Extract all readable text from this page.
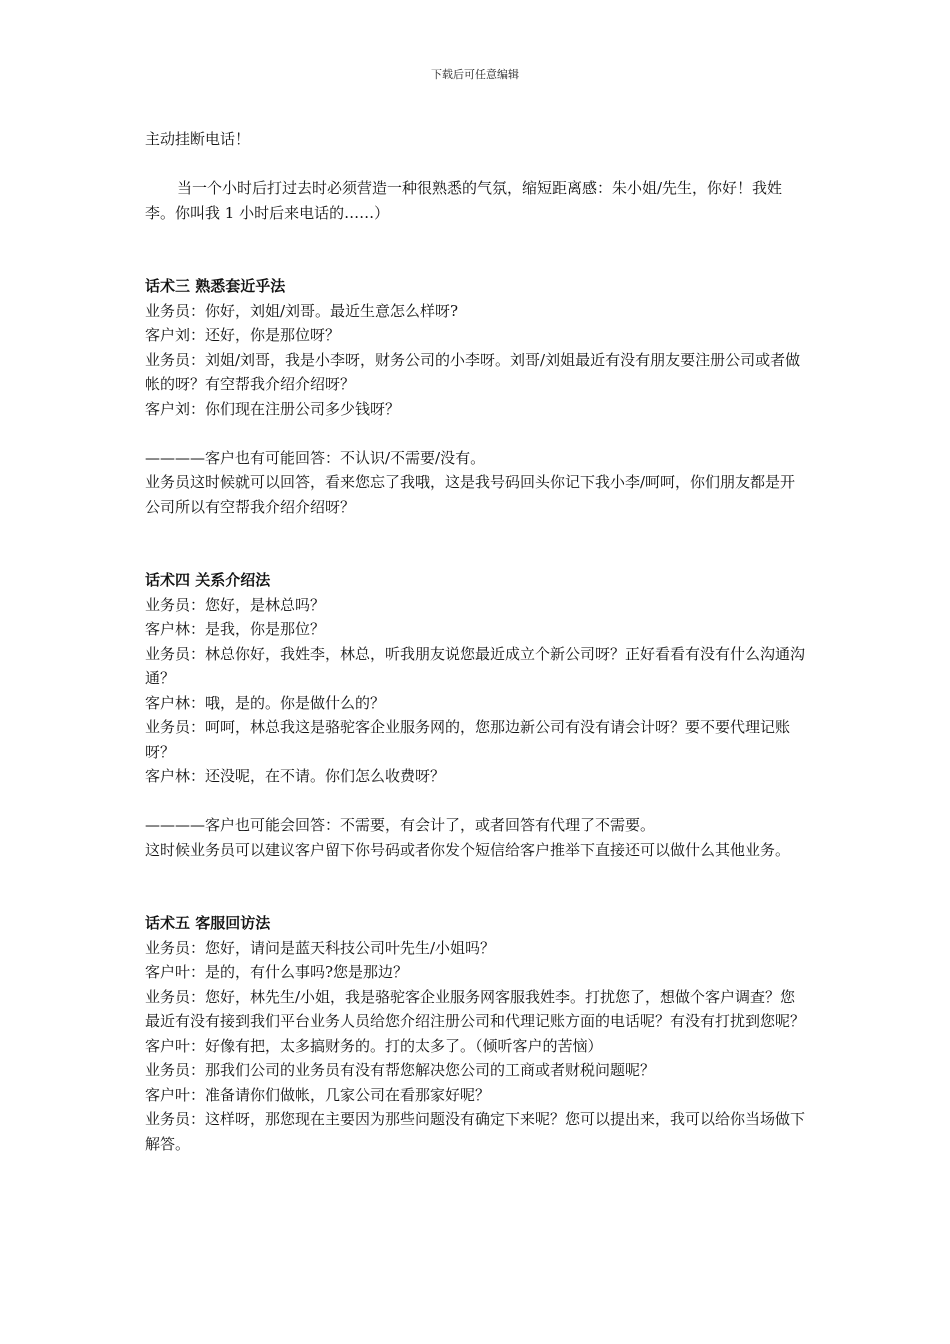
下载后可任意编辑

主动挂断电话！

当一个小时后打过去时必须营造一种很熟悉的气氛，缩短距离感：朱小姐/先生，你好！我姓李。你叫我 1 小时后来电话的……）

话术三 熟悉套近乎法

业务员：你好，刘姐/刘哥。最近生意怎么样呀?

客户刘：还好，你是那位呀？

业务员：刘姐/刘哥，我是小李呀，财务公司的小李呀。刘哥/刘姐最近有没有朋友要注册公司或者做帐的呀？有空帮我介绍介绍呀？

客户刘：你们现在注册公司多少钱呀？

————客户也有可能回答：不认识/不需要/没有。

业务员这时候就可以回答，看来您忘了我哦，这是我号码回头你记下我小李/呵呵，你们朋友都是开公司所以有空帮我介绍介绍呀？

话术四 关系介绍法

业务员：您好，是林总吗？

客户林：是我，你是那位？

业务员：林总你好，我姓李，林总，听我朋友说您最近成立个新公司呀？正好看看有没有什么沟通沟通？

客户林：哦，是的。你是做什么的？

业务员：呵呵，林总我这是骆驼客企业服务网的，您那边新公司有没有请会计呀？要不要代理记账呀？

客户林：还没呢，在不请。你们怎么收费呀？

————客户也可能会回答：不需要，有会计了，或者回答有代理了不需要。

这时候业务员可以建议客户留下你号码或者你发个短信给客户推举下直接还可以做什么其他业务。

话术五 客服回访法

业务员：您好，请问是蓝天科技公司叶先生/小姐吗？

客户叶：是的，有什么事吗?您是那边？

业务员：您好，林先生/小姐，我是骆驼客企业服务网客服我姓李。打扰您了，想做个客户调查？您最近有没有接到我们平台业务人员给您介绍注册公司和代理记账方面的电话呢？有没有打扰到您呢？

客户叶：好像有把，太多搞财务的。打的太多了。（倾听客户的苦恼）

业务员：那我们公司的业务员有没有帮您解决您公司的工商或者财税问题呢？

客户叶：准备请你们做帐，几家公司在看那家好呢？

业务员：这样呀，那您现在主要因为那些问题没有确定下来呢？您可以提出来，我可以给你当场做下解答。
